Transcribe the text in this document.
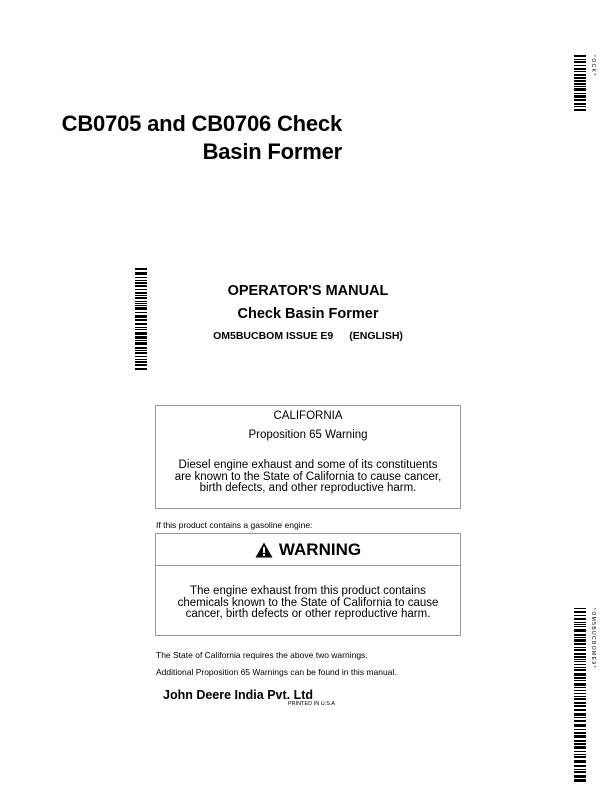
CB0705 and CB0706 Check
Basin Former
* O C K *
OPERATOR'S MANUAL
Check Basin Former
OM5BUCBOM ISSUE E9 (ENGLISH)
CALIFORNIA
Proposition 65 Warning
Diesel engine exhaust and some of its constituents
are known to the State of California to cause cancer,
birth defects, and other reproductive harm.
If this product contains a gasoline engine:
WARNING
The engine exhaust from this product contains
chemicals known to the State of California to cause
cancer, birth defects or other reproductive harm.
The State of California requires the above two warnings.
Additional Proposition 65 Warnings can be found in this manual.
John Deere India Pvt. Ltd
PRINTED IN U.S.A
* O M 5 B U C B O M E 9 *
